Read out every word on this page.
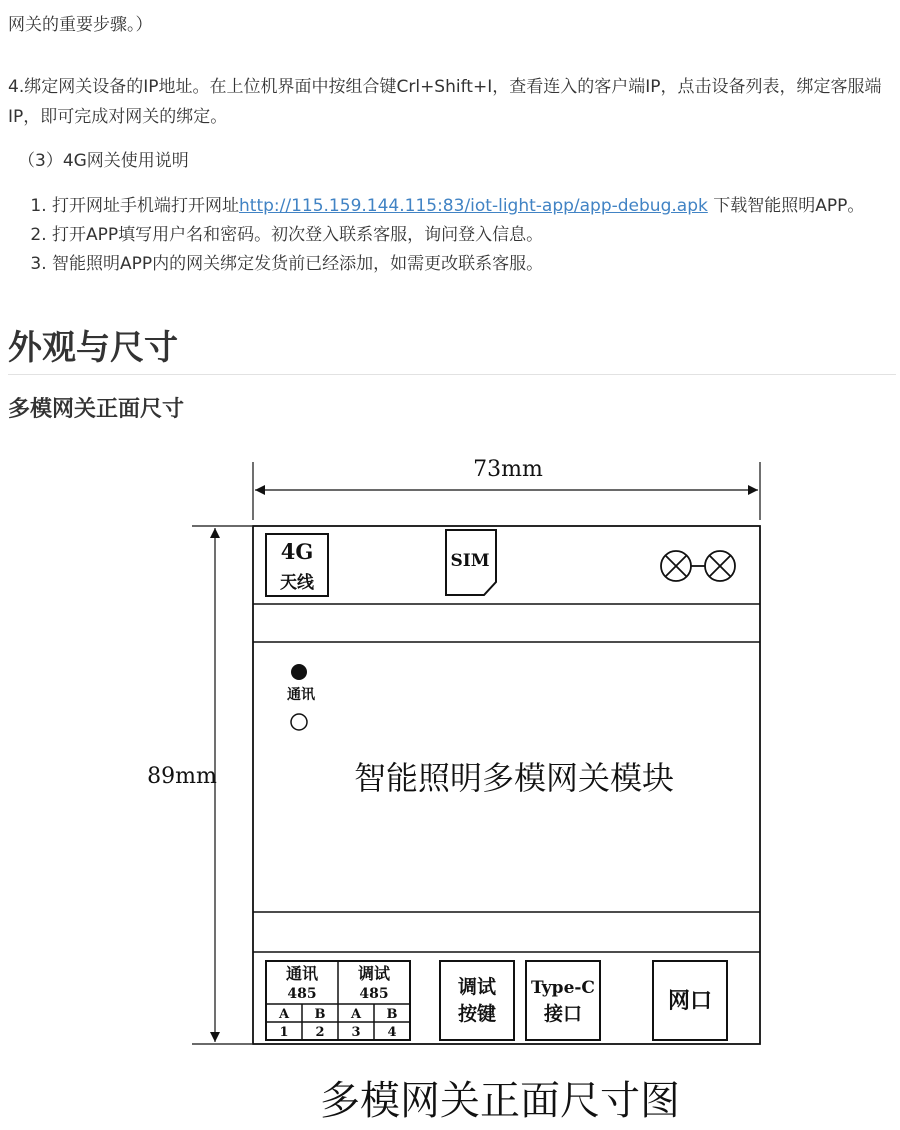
网关的重要步骤。）

4.绑定网关设备的IP地址。在上位机界面中按组合键Crl+Shift+I，查看连入的客户端IP，点击设备列表，绑定客服端IP，即可完成对网关的绑定。

（3）4G网关使用说明

1. 打开网址手机端打开网址http://115.159.144.115:83/iot-light-app/app-debug.apk 下载智能照明APP。
2. 打开APP填写用户名和密码。初次登入联系客服，询问登入信息。
3. 智能照明APP内的网关绑定发货前已经添加，如需更改联系客服。
外观与尺寸
多模网关正面尺寸
73mm
89mm
4G
天线
SIM
通讯
智能照明多模网关模块
通讯
485
调试
485
A B A B
1 2 3 4
调试
按键
Type-C
接口	网口
多模网关正面尺寸图
